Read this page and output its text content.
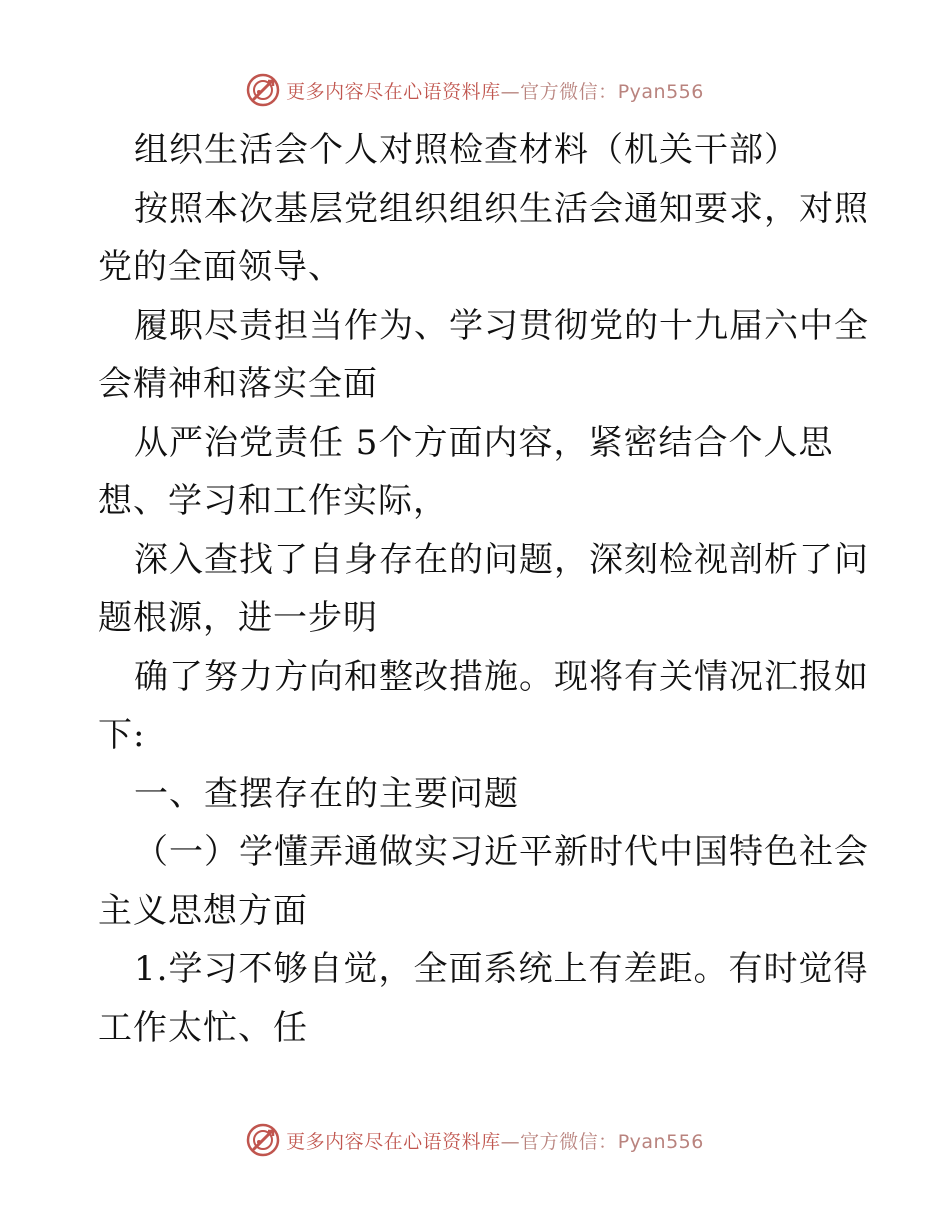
更多内容尽在心语资料库—官方微信：Pyan556
组织生活会个人对照检查材料（机关干部）
按照本次基层党组织组织生活会通知要求，对照
党的全面领导、
履职尽责担当作为、学习贯彻党的十九届六中全
会精神和落实全面
从严治党责任 5个方面内容，紧密结合个人思
想、学习和工作实际，
深入查找了自身存在的问题，深刻检视剖析了问
题根源，进一步明
确了努力方向和整改措施。现将有关情况汇报如
下:
一、查摆存在的主要问题
（一）学懂弄通做实习近平新时代中国特色社会
主义思想方面
1.学习不够自觉，全面系统上有差距。有时觉得
工作太忙、任
更多内容尽在心语资料库—官方微信：Pyan556
